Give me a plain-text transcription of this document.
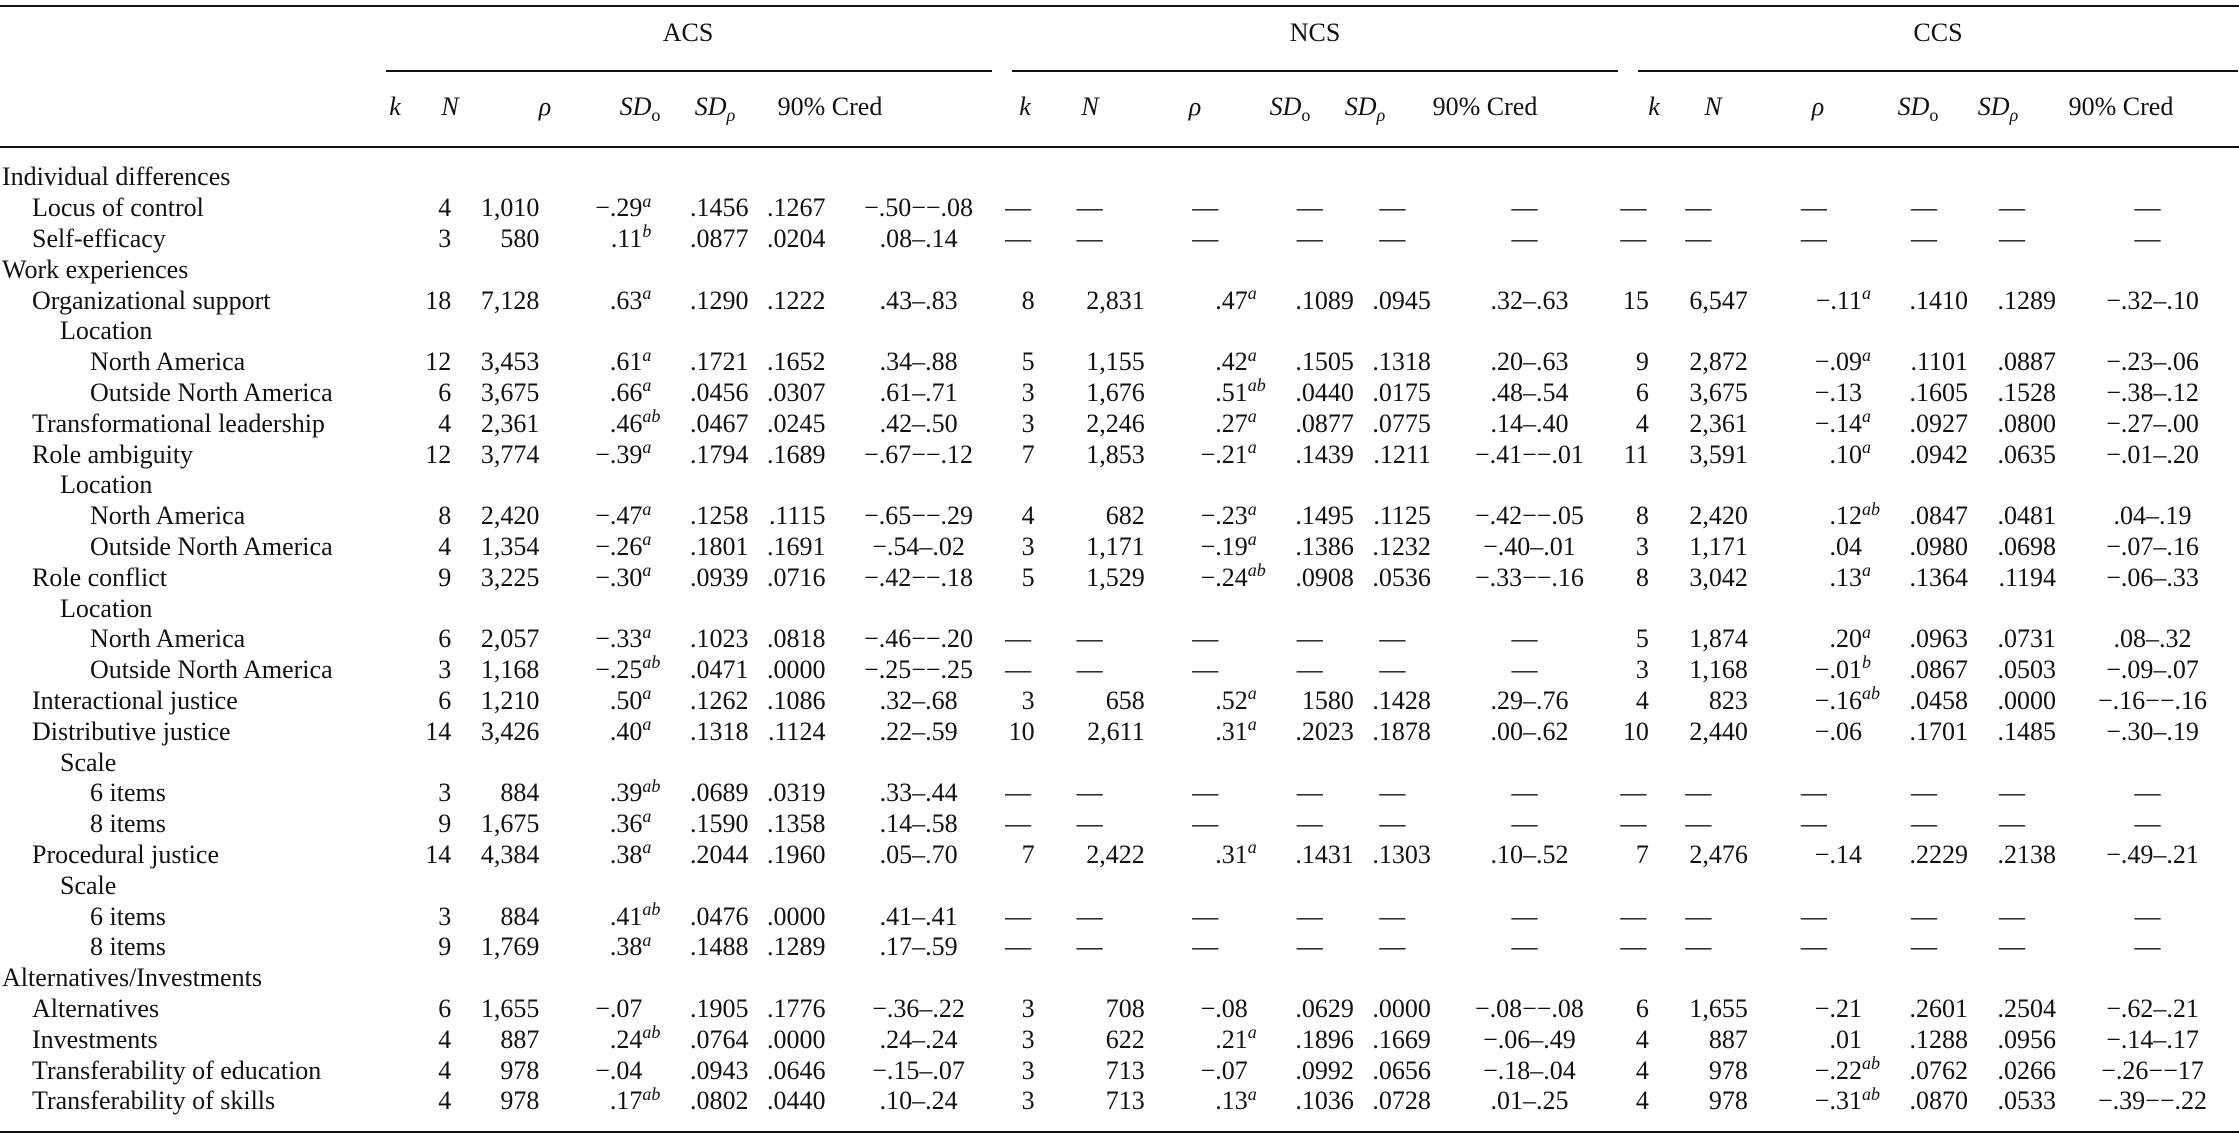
ACS	NCS	CCS
k	N	ρ	$SD_o$	$SD_\rho$	90% Cred	k	N	ρ	$SD_o$	$SD_\rho$	90% Cred	k	N	ρ	$SD_o$	$SD_\rho$	90% Cred
Individual differences																		
Locus of control	4	1,010	−.29$^a$	.1456	.1267	−.50−−.08	—	—	—	—	—	—	—	—	—	—	—	—
Self-efficacy	3	580	.11$^b$	.0877	.0204	.08–.14	—	—	—	—	—	—	—	—	—	—	—	—
Work experiences																		
Organizational support	18	7,128	.63$^a$	.1290	.1222	.43–.83	8	2,831	.47$^a$	.1089	.0945	.32–.63	15	6,547	−.11$^a$	.1410	.1289	−.32–.10
Location																		
North America	12	3,453	.61$^a$	.1721	.1652	.34–.88	5	1,155	.42$^a$	.1505	.1318	.20–.63	9	2,872	−.09$^a$	.1101	.0887	−.23–.06
Outside North America	6	3,675	.66$^a$	.0456	.0307	.61–.71	3	1,676	.51$^{ab}$	.0440	.0175	.48–.54	6	3,675	−.13	.1605	.1528	−.38–.12
Transformational leadership	4	2,361	.46$^{ab}$	.0467	.0245	.42–.50	3	2,246	.27$^a$	.0877	.0775	.14–.40	4	2,361	−.14$^a$	.0927	.0800	−.27–.00
Role ambiguity	12	3,774	−.39$^a$	.1794	.1689	−.67−−.12	7	1,853	−.21$^a$	.1439	.1211	−.41−−.01	11	3,591	.10$^a$	.0942	.0635	−.01–.20
Location																		
North America	8	2,420	−.47$^a$	.1258	.1115	−.65−−.29	4	682	−.23$^a$	.1495	.1125	−.42−−.05	8	2,420	.12$^{ab}$	.0847	.0481	.04–.19
Outside North America	4	1,354	−.26$^a$	.1801	.1691	−.54–.02	3	1,171	−.19$^a$	.1386	.1232	−.40–.01	3	1,171	.04	.0980	.0698	−.07–.16
Role conflict	9	3,225	−.30$^a$	.0939	.0716	−.42−−.18	5	1,529	−.24$^{ab}$	.0908	.0536	−.33−−.16	8	3,042	.13$^a$	.1364	.1194	−.06–.33
Location																		
North America	6	2,057	−.33$^a$	.1023	.0818	−.46−−.20	—	—	—	—	—	—	5	1,874	.20$^a$	.0963	.0731	.08–.32
Outside North America	3	1,168	−.25$^{ab}$	.0471	.0000	−.25−−.25	—	—	—	—	—	—	3	1,168	−.01$^b$	.0867	.0503	−.09–.07
Interactional justice	6	1,210	.50$^a$	.1262	.1086	.32–.68	3	658	.52$^a$	1580	.1428	.29–.76	4	823	−.16$^{ab}$	.0458	.0000	−.16−−.16
Distributive justice	14	3,426	.40$^a$	.1318	.1124	.22–.59	10	2,611	.31$^a$	.2023	.1878	.00–.62	10	2,440	−.06	.1701	.1485	−.30–.19
Scale																		
6 items	3	884	.39$^{ab}$	.0689	.0319	.33–.44	—	—	—	—	—	—	—	—	—	—	—	—
8 items	9	1,675	.36$^a$	.1590	.1358	.14–.58	—	—	—	—	—	—	—	—	—	—	—	—
Procedural justice	14	4,384	.38$^a$	.2044	.1960	.05–.70	7	2,422	.31$^a$	.1431	.1303	.10–.52	7	2,476	−.14	.2229	.2138	−.49–.21
Scale																		
6 items	3	884	.41$^{ab}$	.0476	.0000	.41–.41	—	—	—	—	—	—	—	—	—	—	—	—
8 items	9	1,769	.38$^a$	.1488	.1289	.17–.59	—	—	—	—	—	—	—	—	—	—	—	—
Alternatives/Investments																		
Alternatives	6	1,655	−.07	.1905	.1776	−.36–.22	3	708	−.08	.0629	.0000	−.08−−.08	6	1,655	−.21	.2601	.2504	−.62–.21
Investments	4	887	.24$^{ab}$	.0764	.0000	.24–.24	3	622	.21$^a$	.1896	.1669	−.06–.49	4	887	.01	.1288	.0956	−.14–.17
Transferability of education	4	978	−.04	.0943	.0646	−.15–.07	3	713	−.07	.0992	.0656	−.18–.04	4	978	−.22$^{ab}$	.0762	.0266	−.26−−17
Transferability of skills	4	978	.17$^{ab}$	.0802	.0440	.10–.24	3	713	.13$^a$	.1036	.0728	.01–.25	4	978	−.31$^{ab}$	.0870	.0533	−.39−−.22
